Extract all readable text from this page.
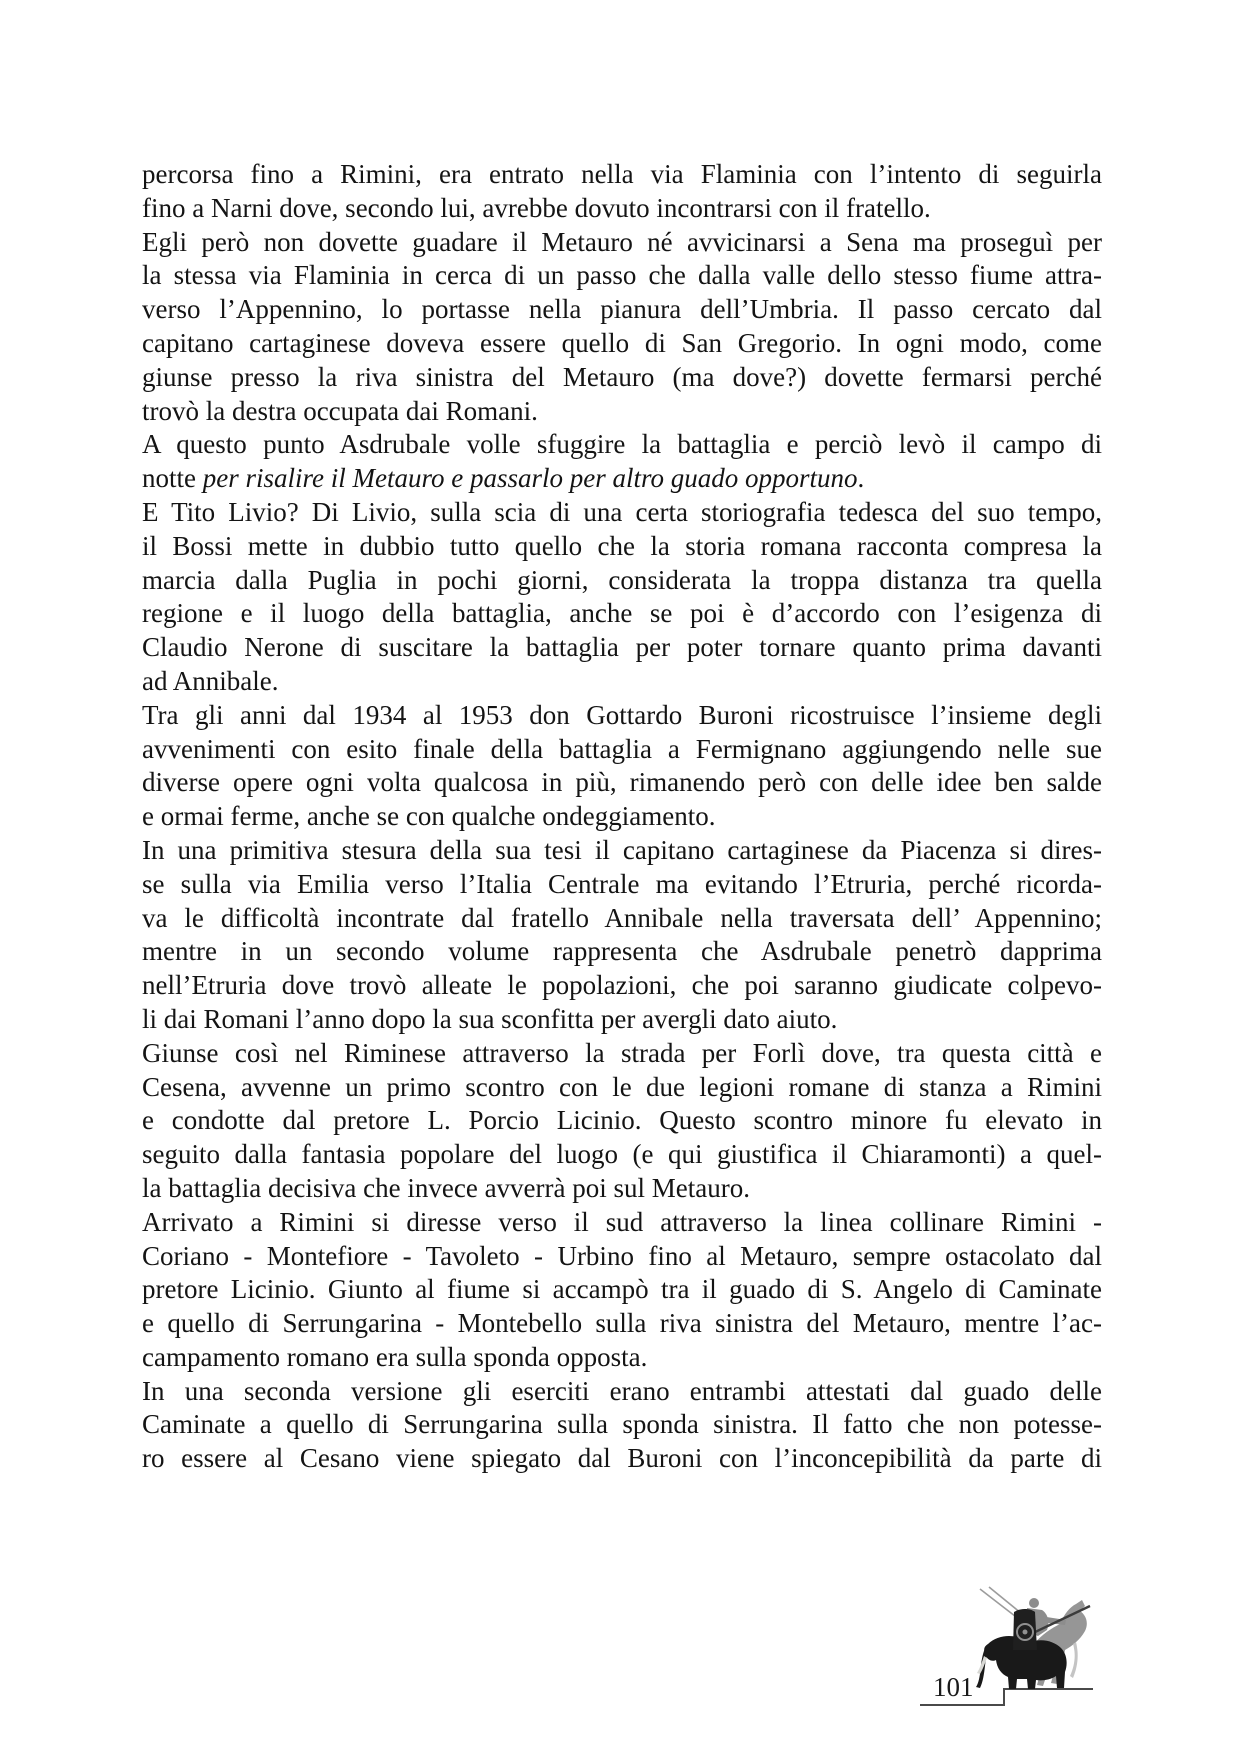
percorsa fino a Rimini, era entrato nella via Flaminia con l’intento di seguirla
fino a Narni dove, secondo lui, avrebbe dovuto incontrarsi con il fratello.
Egli però non dovette guadare il Metauro né avvicinarsi a Sena ma proseguì per
la stessa via Flaminia in cerca di un passo che dalla valle dello stesso fiume attra-
verso l’Appennino, lo portasse nella pianura dell’Umbria. Il passo cercato dal
capitano cartaginese doveva essere quello di San Gregorio. In ogni modo, come
giunse presso la riva sinistra del Metauro (ma dove?) dovette fermarsi perché
trovò la destra occupata dai Romani.
A questo punto Asdrubale volle sfuggire la battaglia e perciò levò il campo di
notte per risalire il Metauro e passarlo per altro guado opportuno.
E Tito Livio? Di Livio, sulla scia di una certa storiografia tedesca del suo tempo,
il Bossi mette in dubbio tutto quello che la storia romana racconta compresa la
marcia dalla Puglia in pochi giorni, considerata la troppa distanza tra quella
regione e il luogo della battaglia, anche se poi è d’accordo con l’esigenza di
Claudio Nerone di suscitare la battaglia per poter tornare quanto prima davanti
ad Annibale.
Tra gli anni dal 1934 al 1953 don Gottardo Buroni ricostruisce l’insieme degli
avvenimenti con esito finale della battaglia a Fermignano aggiungendo nelle sue
diverse opere ogni volta qualcosa in più, rimanendo però con delle idee ben salde
e ormai ferme, anche se con qualche ondeggiamento.
In una primitiva stesura della sua tesi il capitano cartaginese da Piacenza si dires-
se sulla via Emilia verso l’Italia Centrale ma evitando l’Etruria, perché ricorda-
va le difficoltà incontrate dal fratello Annibale nella traversata dell’ Appennino;
mentre in un secondo volume rappresenta che Asdrubale penetrò dapprima
nell’Etruria dove trovò alleate le popolazioni, che poi saranno giudicate colpevo-
li dai Romani l’anno dopo la sua sconfitta per avergli dato aiuto.
Giunse così nel Riminese attraverso la strada per Forlì dove, tra questa città e
Cesena, avvenne un primo scontro con le due legioni romane di stanza a Rimini
e condotte dal pretore L. Porcio Licinio. Questo scontro minore fu elevato in
seguito dalla fantasia popolare del luogo (e qui giustifica il Chiaramonti) a quel-
la battaglia decisiva che invece avverrà poi sul Metauro.
Arrivato a Rimini si diresse verso il sud attraverso la linea collinare Rimini -
Coriano - Montefiore - Tavoleto - Urbino fino al Metauro, sempre ostacolato dal
pretore Licinio. Giunto al fiume si accampò tra il guado di S. Angelo di Caminate
e quello di Serrungarina - Montebello sulla riva sinistra del Metauro, mentre l’ac-
campamento romano era sulla sponda opposta.
In una seconda versione gli eserciti erano entrambi attestati dal guado delle
Caminate a quello di Serrungarina sulla sponda sinistra. Il fatto che non potesse-
ro essere al Cesano viene spiegato dal Buroni con l’inconcepibilità da parte di
101
